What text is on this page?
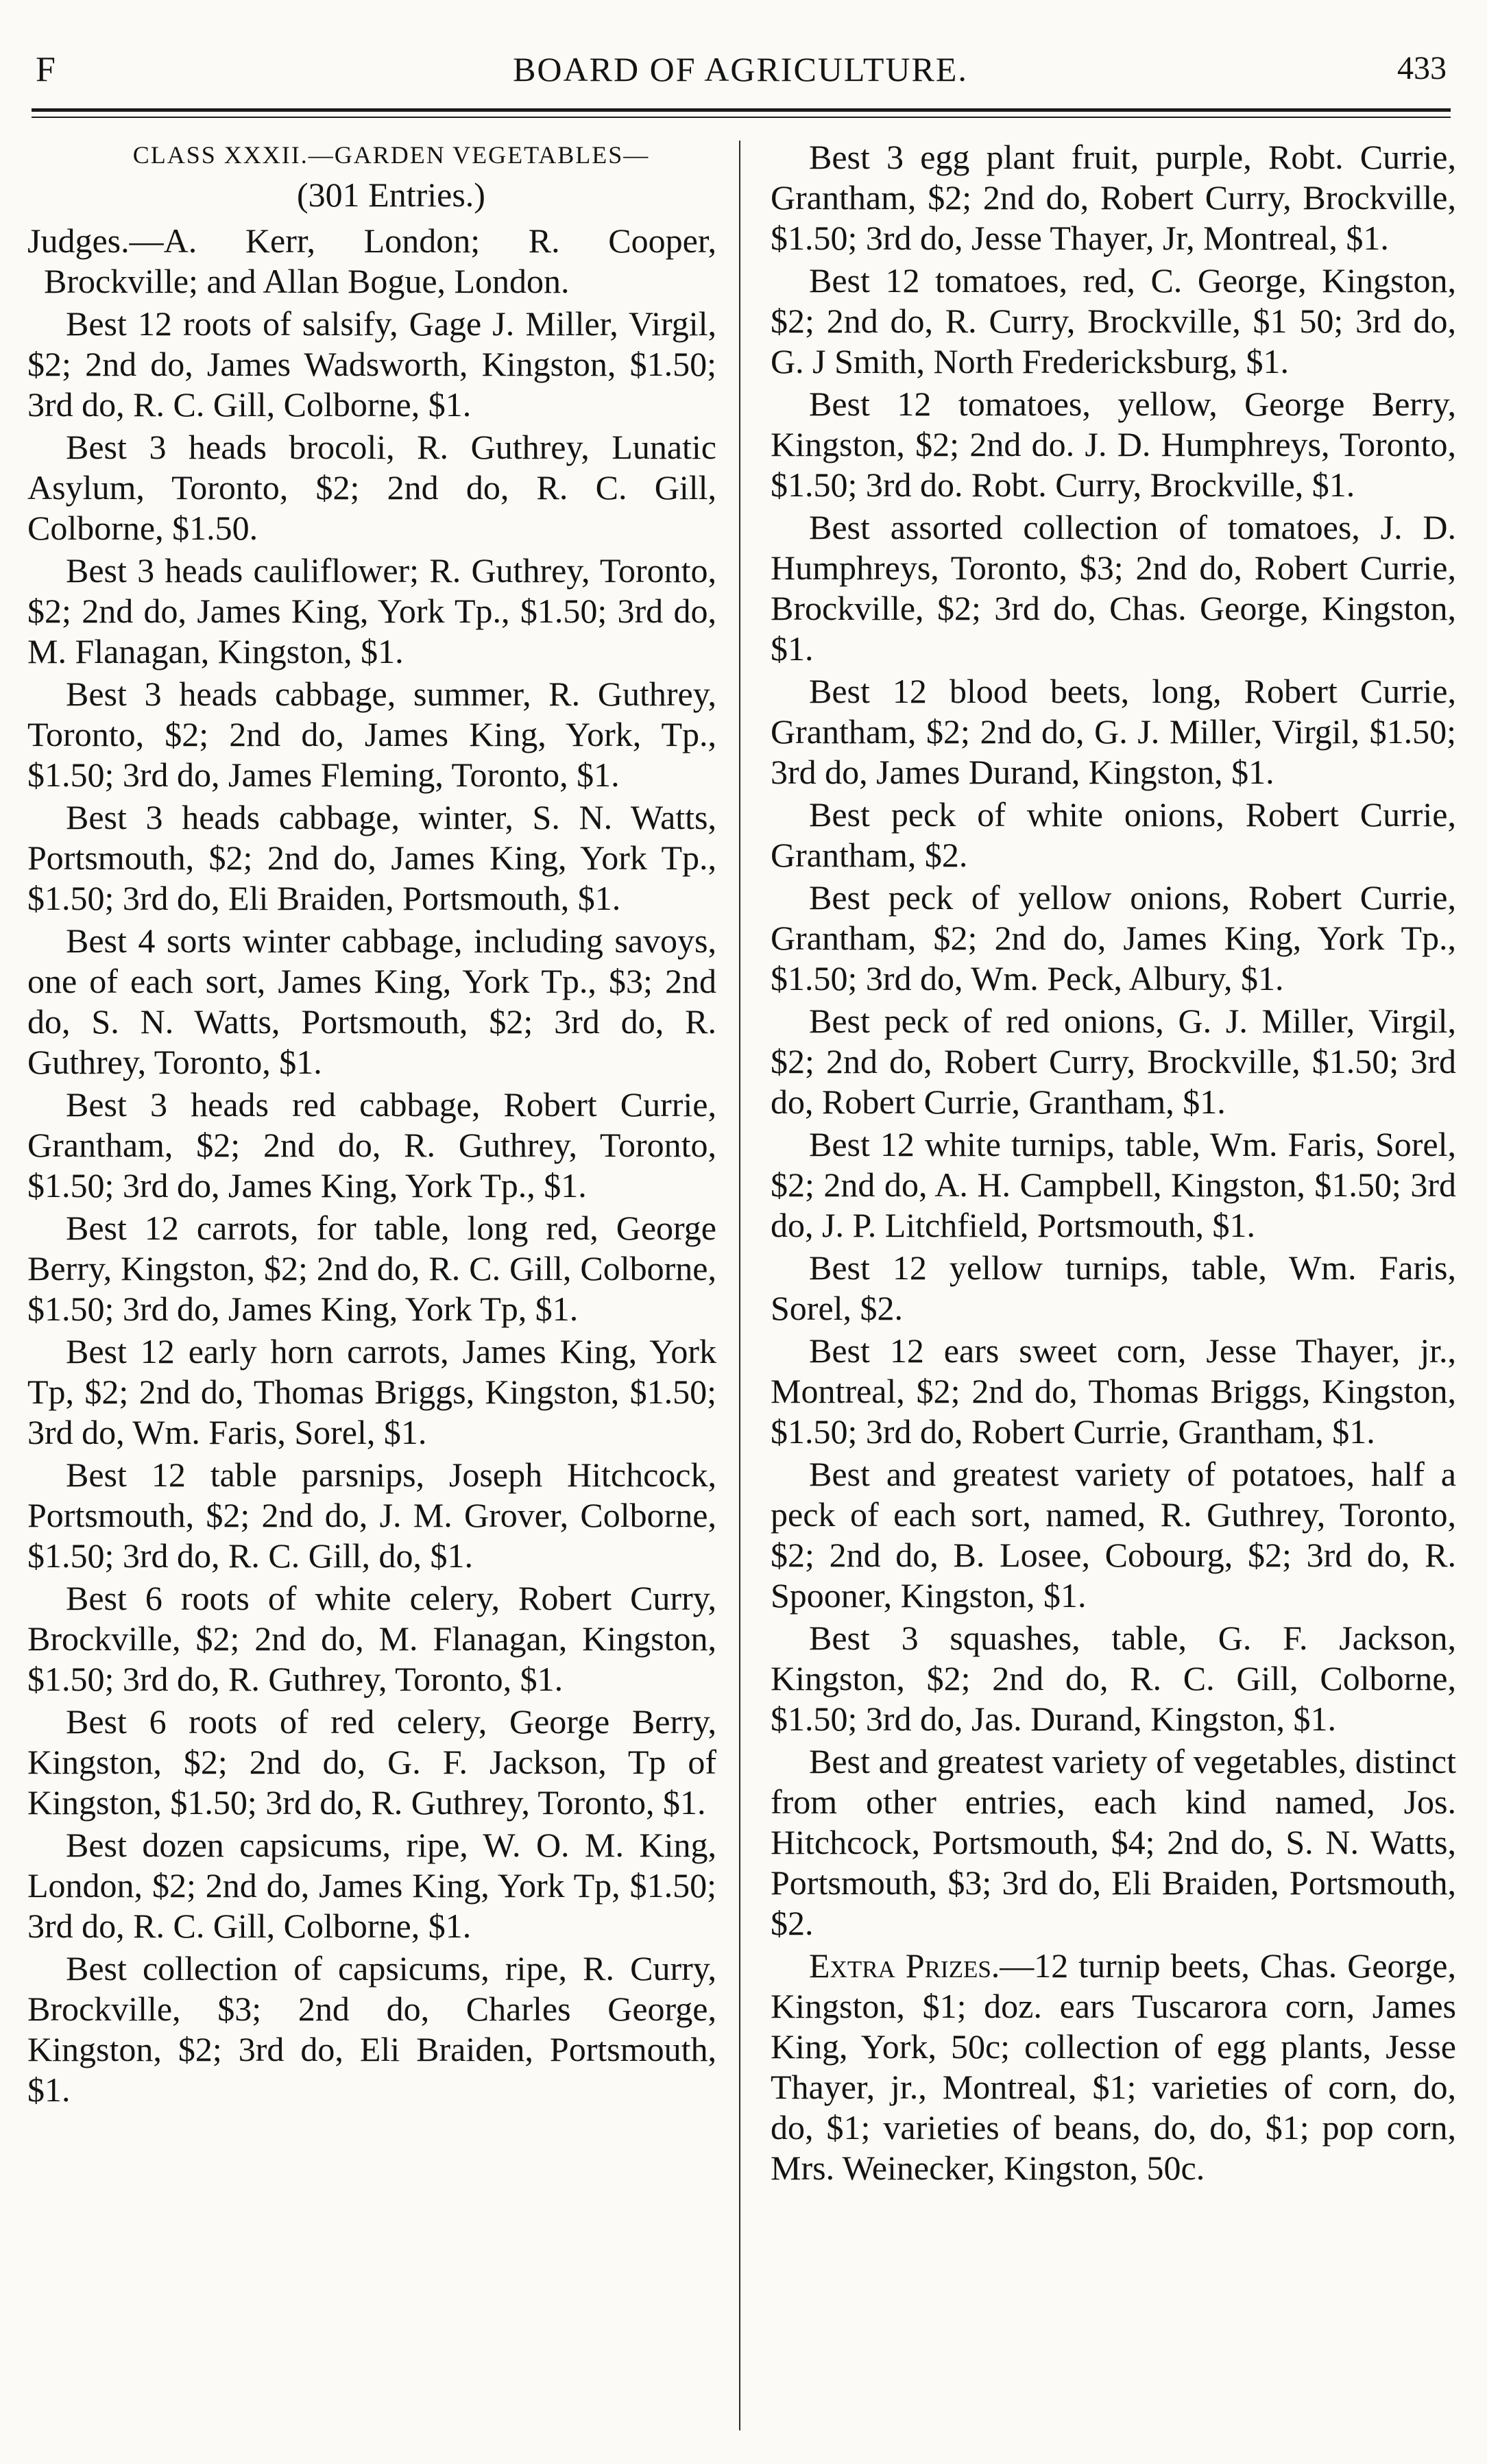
F	BOARD OF AGRICULTURE.	433

CLASS XXXII.—GARDEN VEGETABLES—

(301 Entries.)

Judges.—A. Kerr, London; R. Cooper, Brockville; and Allan Bogue, London.

Best 12 roots of salsify, Gage J. Miller, Virgil, $2; 2nd do, James Wadsworth, Kingston, $1.50; 3rd do, R. C. Gill, Colborne, $1.

Best 3 heads brocoli, R. Guthrey, Lunatic Asylum, Toronto, $2; 2nd do, R. C. Gill, Colborne, $1.50.

Best 3 heads cauliflower; R. Guthrey, Toronto, $2; 2nd do, James King, York Tp., $1.50; 3rd do, M. Flanagan, Kingston, $1.

Best 3 heads cabbage, summer, R. Guthrey, Toronto, $2; 2nd do, James King, York, Tp., $1.50; 3rd do, James Fleming, Toronto, $1.

Best 3 heads cabbage, winter, S. N. Watts, Portsmouth, $2; 2nd do, James King, York Tp., $1.50; 3rd do, Eli Braiden, Portsmouth, $1.

Best 4 sorts winter cabbage, including savoys, one of each sort, James King, York Tp., $3; 2nd do, S. N. Watts, Portsmouth, $2; 3rd do, R. Guthrey, Toronto, $1.

Best 3 heads red cabbage, Robert Currie, Grantham, $2; 2nd do, R. Guthrey, Toronto, $1.50; 3rd do, James King, York Tp., $1.

Best 12 carrots, for table, long red, George Berry, Kingston, $2; 2nd do, R. C. Gill, Colborne, $1.50; 3rd do, James King, York Tp, $1.

Best 12 early horn carrots, James King, York Tp, $2; 2nd do, Thomas Briggs, Kingston, $1.50; 3rd do, Wm. Faris, Sorel, $1.

Best 12 table parsnips, Joseph Hitchcock, Portsmouth, $2; 2nd do, J. M. Grover, Colborne, $1.50; 3rd do, R. C. Gill, do, $1.

Best 6 roots of white celery, Robert Curry, Brockville, $2; 2nd do, M. Flanagan, Kingston, $1.50; 3rd do, R. Guthrey, Toronto, $1.

Best 6 roots of red celery, George Berry, Kingston, $2; 2nd do, G. F. Jackson, Tp of Kingston, $1.50; 3rd do, R. Guthrey, Toronto, $1.

Best dozen capsicums, ripe, W. O. M. King, London, $2; 2nd do, James King, York Tp, $1.50; 3rd do, R. C. Gill, Colborne, $1.

Best collection of capsicums, ripe, R. Curry, Brockville, $3; 2nd do, Charles George, Kingston, $2; 3rd do, Eli Braiden, Portsmouth, $1.

Best 3 egg plant fruit, purple, Robt. Currie, Grantham, $2; 2nd do, Robert Curry, Brockville, $1.50; 3rd do, Jesse Thayer, Jr, Montreal, $1.

Best 12 tomatoes, red, C. George, Kingston, $2; 2nd do, R. Curry, Brockville, $1 50; 3rd do, G. J Smith, North Fredericksburg, $1.

Best 12 tomatoes, yellow, George Berry, Kingston, $2; 2nd do. J. D. Humphreys, Toronto, $1.50; 3rd do. Robt. Curry, Brockville, $1.

Best assorted collection of tomatoes, J. D. Humphreys, Toronto, $3; 2nd do, Robert Currie, Brockville, $2; 3rd do, Chas. George, Kingston, $1.

Best 12 blood beets, long, Robert Currie, Grantham, $2; 2nd do, G. J. Miller, Virgil, $1.50; 3rd do, James Durand, Kingston, $1.

Best peck of white onions, Robert Currie, Grantham, $2.

Best peck of yellow onions, Robert Currie, Grantham, $2; 2nd do, James King, York Tp., $1.50; 3rd do, Wm. Peck, Albury, $1.

Best peck of red onions, G. J. Miller, Virgil, $2; 2nd do, Robert Curry, Brockville, $1.50; 3rd do, Robert Currie, Grantham, $1.

Best 12 white turnips, table, Wm. Faris, Sorel, $2; 2nd do, A. H. Campbell, Kingston, $1.50; 3rd do, J. P. Litchfield, Portsmouth, $1.

Best 12 yellow turnips, table, Wm. Faris, Sorel, $2.

Best 12 ears sweet corn, Jesse Thayer, jr., Montreal, $2; 2nd do, Thomas Briggs, Kingston, $1.50; 3rd do, Robert Currie, Grantham, $1.

Best and greatest variety of potatoes, half a peck of each sort, named, R. Guthrey, Toronto, $2; 2nd do, B. Losee, Cobourg, $2; 3rd do, R. Spooner, Kingston, $1.

Best 3 squashes, table, G. F. Jackson, Kingston, $2; 2nd do, R. C. Gill, Colborne, $1.50; 3rd do, Jas. Durand, Kingston, $1.

Best and greatest variety of vegetables, distinct from other entries, each kind named, Jos. Hitchcock, Portsmouth, $4; 2nd do, S. N. Watts, Portsmouth, $3; 3rd do, Eli Braiden, Portsmouth, $2.

Extra Prizes.—12 turnip beets, Chas. George, Kingston, $1; doz. ears Tuscarora corn, James King, York, 50c; collection of egg plants, Jesse Thayer, jr., Montreal, $1; varieties of corn, do, do, $1; varieties of beans, do, do, $1; pop corn, Mrs. Weinecker, Kingston, 50c.
